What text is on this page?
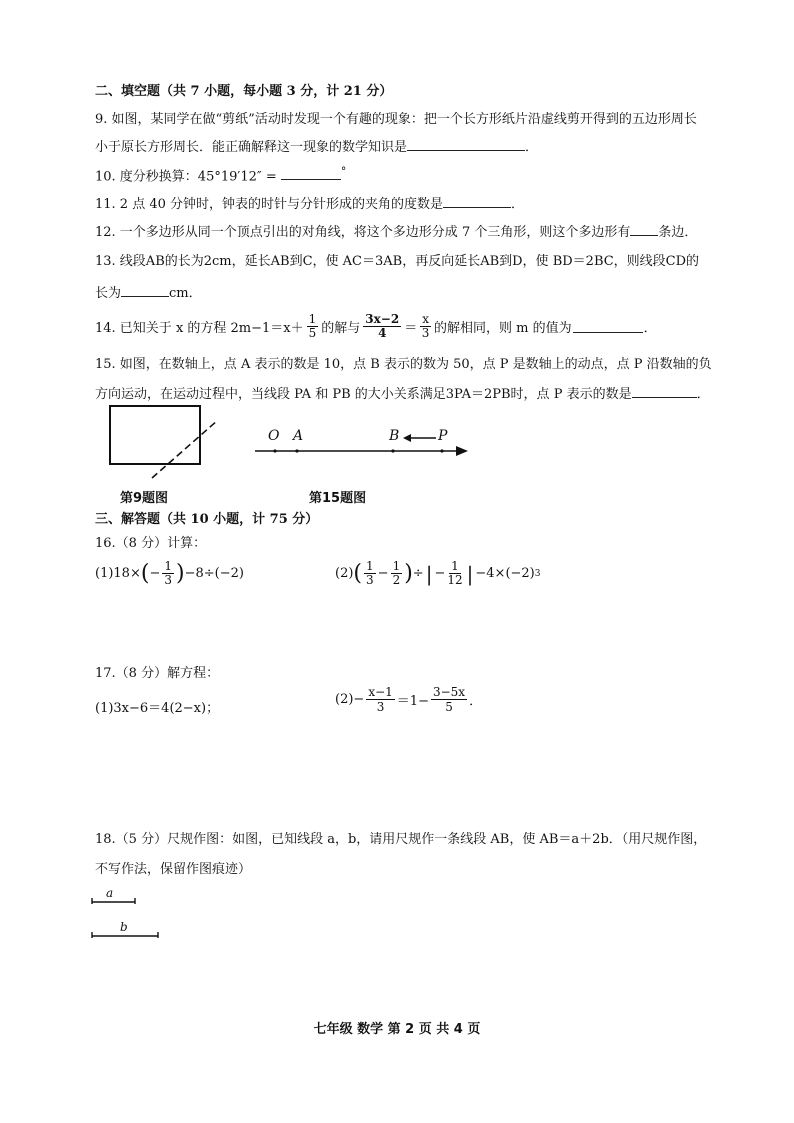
二、填空题（共 7 小题，每小题 3 分，计 21 分）
9. 如图，某同学在做“剪纸”活动时发现一个有趣的现象：把一个长方形纸片沿虚线剪开得到的五边形周长
小于原长方形周长．能正确解释这一现象的数学知识是	．
10. 度分秒换算：45°19′12″ =	°
11. 2 点 40 分钟时，钟表的时针与分针形成的夹角的度数是	．
12. 一个多边形从同一个顶点引出的对角线，将这个多边形分成 7 个三角形，则这个多边形有 条边．
13. 线段AB的长为2cm，延长AB到C，使 AC＝3AB，再反向延长AB到D，使 BD＝2BC，则线段CD的
长为	cm．
14. 已知关于 x 的方程 $2m-1=x+ \frac{1}{5}$ 的解与 $\frac{3x-2}{4} = \frac{x}{3}$ 的解相同，则 m 的值为	．
15. 如图，在数轴上，点 A 表示的数是 10，点 B 表示的数为 50，点 P 是数轴上的动点，点 P 沿数轴的负
方向运动，在运动过程中，当线段 PA 和 PB 的大小关系满足3PA＝2PB时，点 P 表示的数是	．
第9题图
O A	B	P
第15题图
三、解答题（共 10 小题，计 75 分）
16.（8 分）计算：
(1)18× ( − $\frac{1}{3}$ ) −8÷(−2)	(2) ( $\frac{1}{3} - \frac{1}{2}$ ) ÷ | − $\frac{1}{12}$ | −4×(−2) 3
17.（8 分）解方程：
(1)3x−6＝4(2−x)；
$(2) - \frac{x-1}{3} =1- \frac{3-5x}{5}$ ．
18.（5 分）尺规作图：如图，已知线段 a，b，请用尺规作一条线段 AB，使 AB＝a＋2b．（用尺规作图，
不写作法，保留作图痕迹）
a
b
七年级 数学 第 2 页 共 4 页
